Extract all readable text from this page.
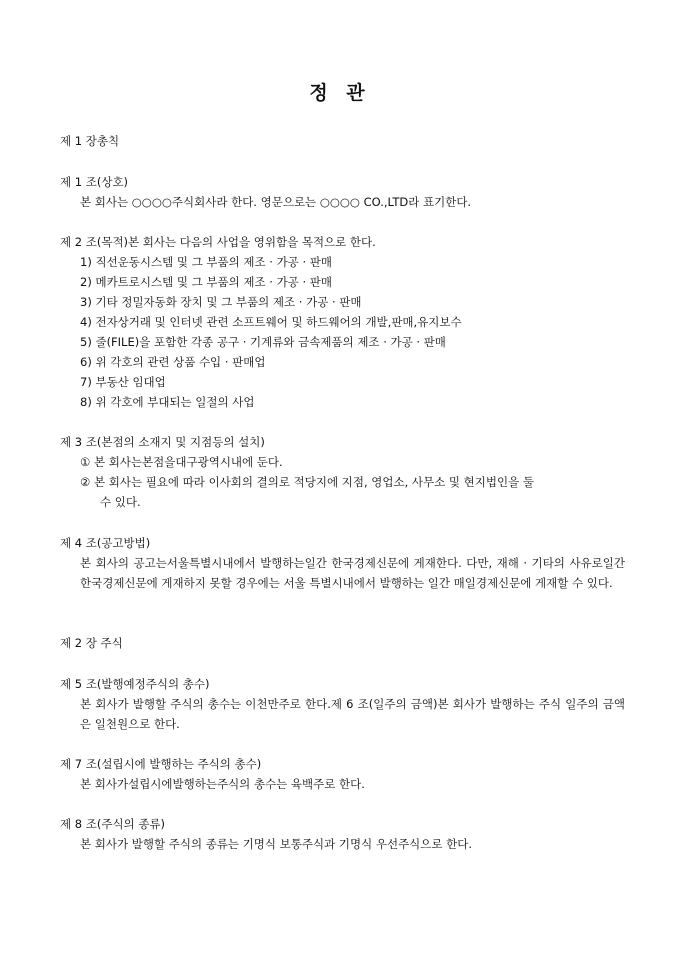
정 관
제 1 장총칙
제 1 조(상호)
본 회사는 ○○○○주식회사라 한다. 영문으로는 ○○○○ CO.,LTD라 표기한다.
제 2 조(목적)본 회사는 다음의 사업을 영위함을 목적으로 한다.
1) 직선운동시스템 및 그 부품의 제조 · 가공 · 판매
2) 메카트로시스템 및 그 부품의 제조 · 가공 · 판매
3) 기타 정밀자동화 장치 및 그 부품의 제조 · 가공 · 판매
4) 전자상거래 및 인터넷 관련 소프트웨어 및 하드웨어의 개발,판매,유지보수
5) 줄(FILE)을 포함한 각종 공구 · 기계류와 금속제품의 제조 · 가공 · 판매
6) 위 각호의 관련 상품 수입 · 판매업
7) 부동산 임대업
8) 위 각호에 부대되는 일절의 사업
제 3 조(본점의 소재지 및 지점등의 설치)
① 본 회사는본점을대구광역시내에 둔다.
② 본 회사는 필요에 따라 이사회의 결의로 적당지에 지점, 영업소, 사무소 및 현지법인을 둘
수 있다.
제 4 조(공고방법)
본 회사의 공고는서울특별시내에서 발행하는일간 한국경제신문에 게재한다. 다만, 재해 · 기타의 사유로일간 한국경제신문에 게재하지 못할 경우에는 서울 특별시내에서 발행하는 일간 매일경제신문에 게재할 수 있다.
제 2 장 주식
제 5 조(발행예정주식의 총수)
본 회사가 발행할 주식의 총수는 이천만주로 한다.제 6 조(일주의 금액)본 회사가 발행하는 주식 일주의 금액은 일천원으로 한다.
제 7 조(설립시에 발행하는 주식의 총수)
본 회사가설립시에발행하는주식의 총수는 육백주로 한다.
제 8 조(주식의 종류)
본 회사가 발행할 주식의 종류는 기명식 보통주식과 기명식 우선주식으로 한다.
